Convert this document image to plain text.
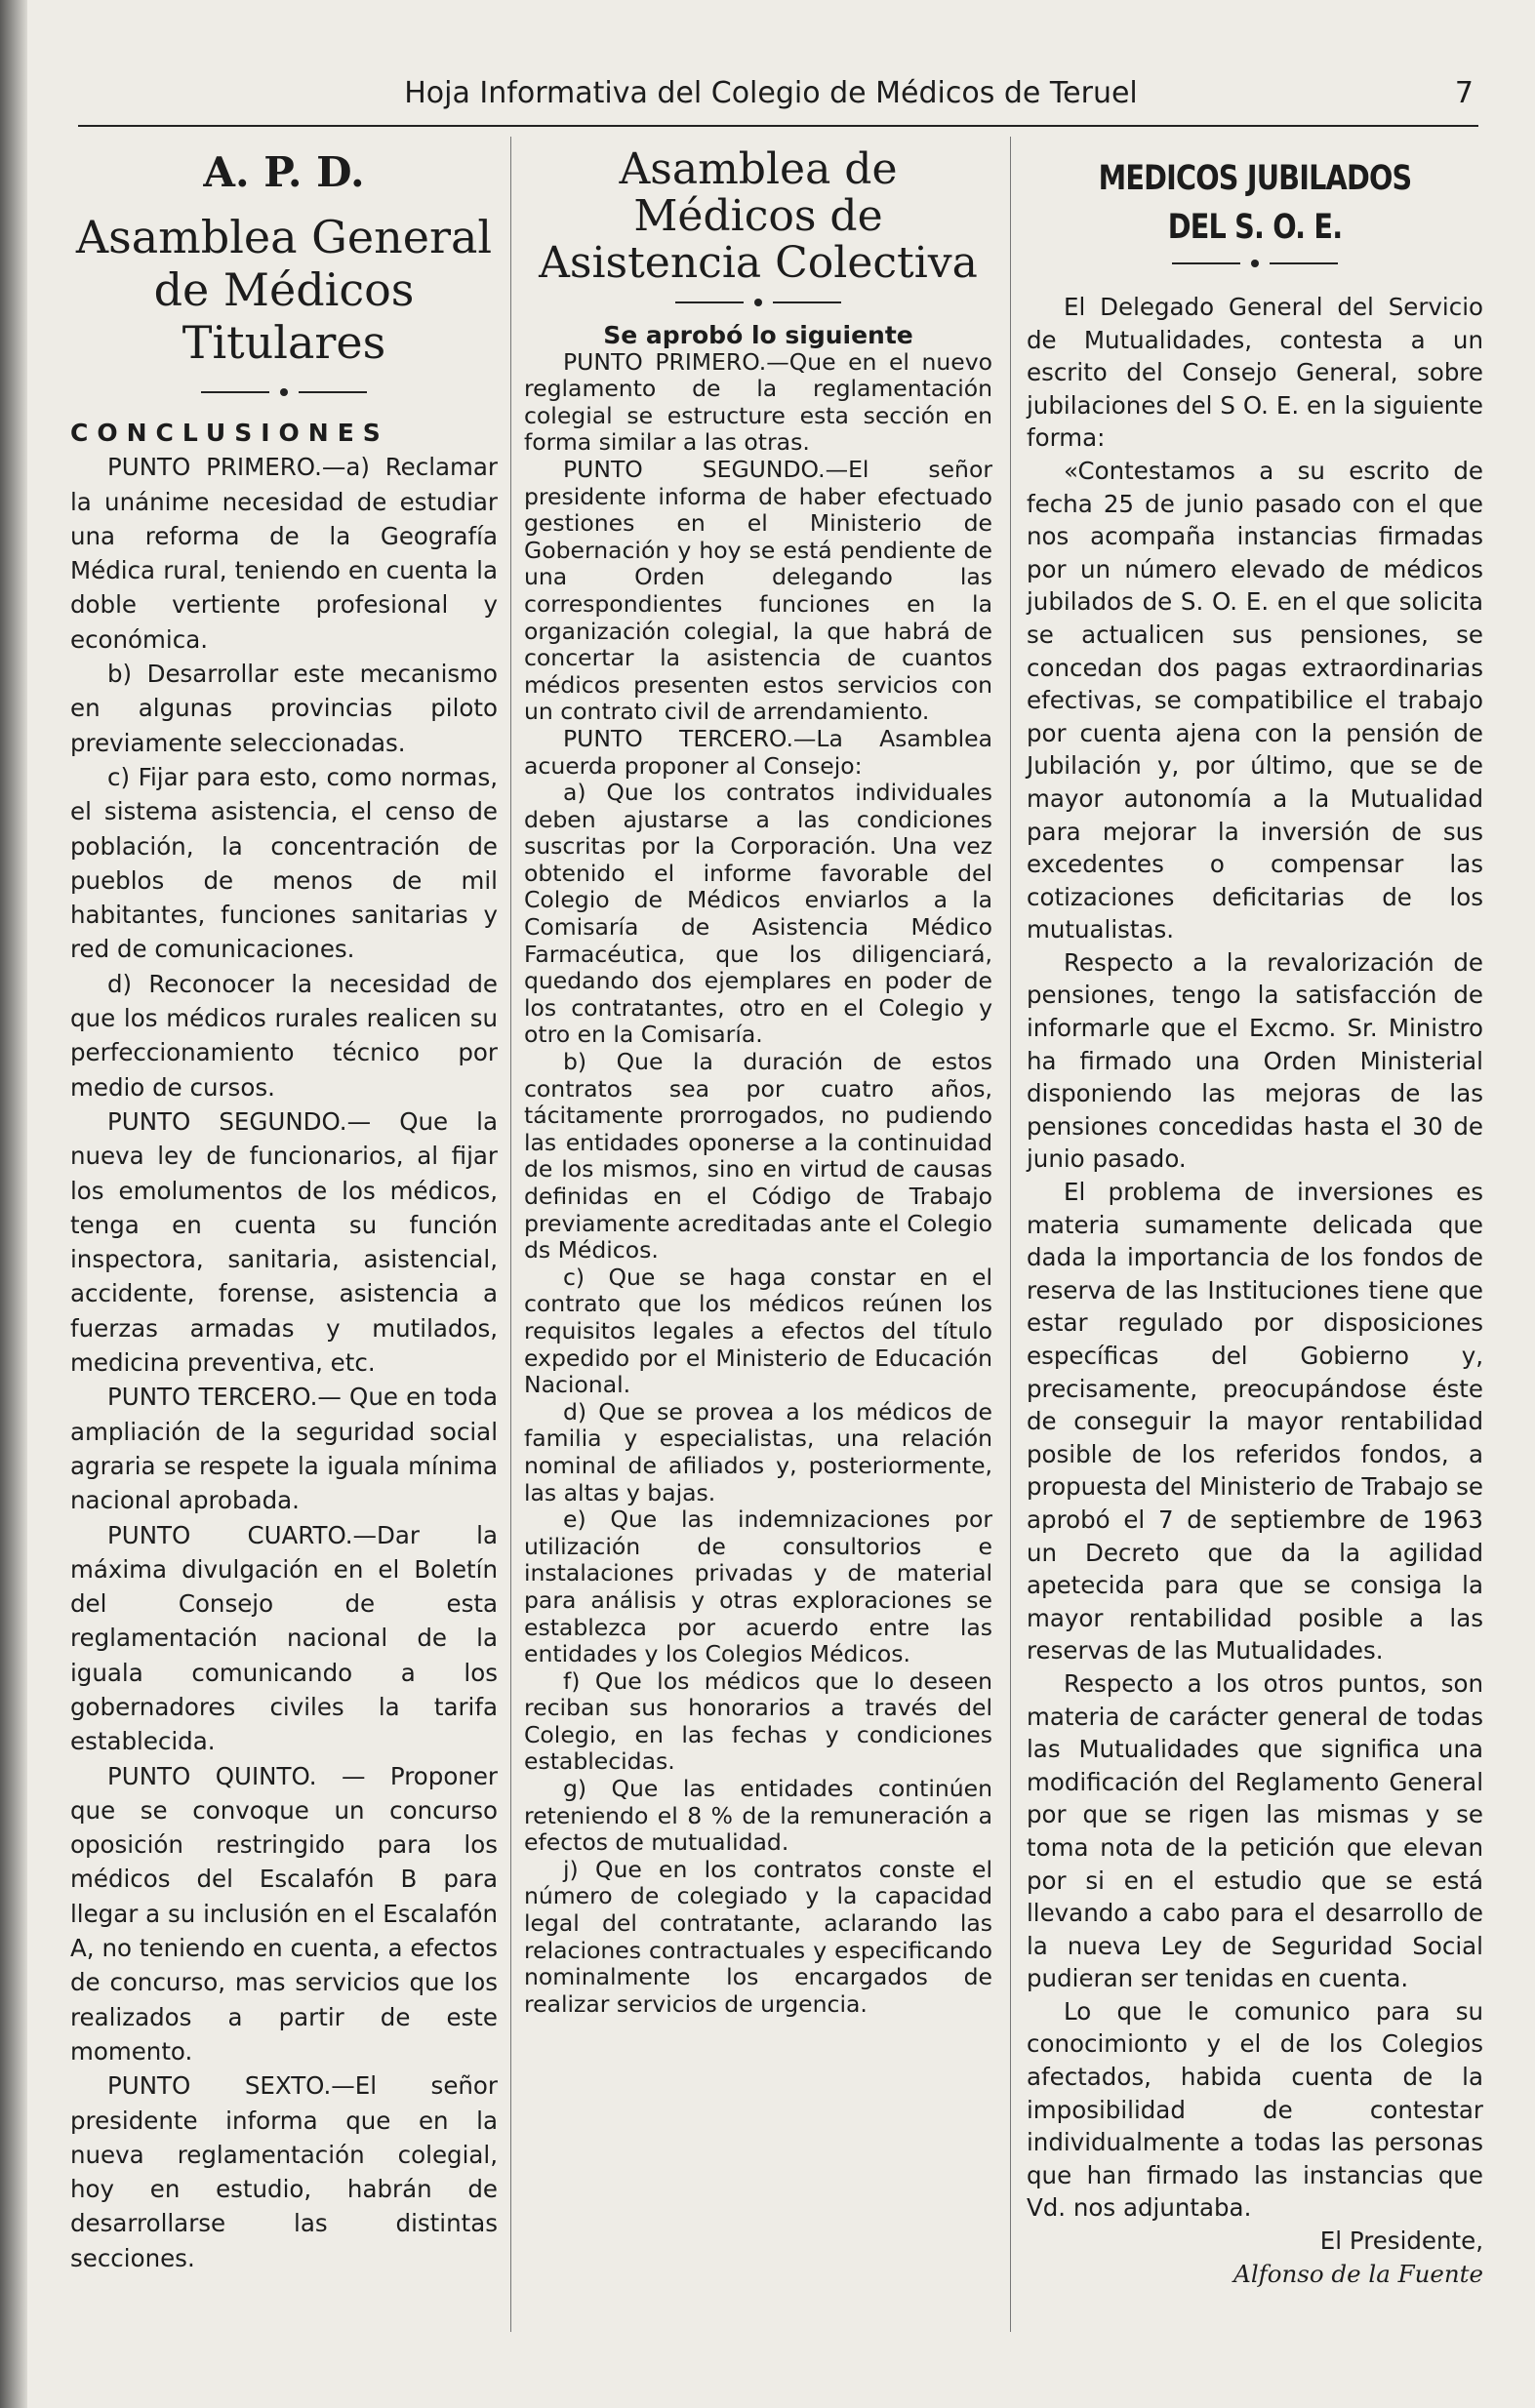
Hoja Informativa del Colegio de Médicos de Teruel	7
A. P. D.
Asamblea General de Médicos Titulares

CONCLUSIONES

PUNTO PRIMERO.—a) Reclamar la unánime necesidad de estudiar una reforma de la Geografía Médica rural, teniendo en cuenta la doble vertiente profesional y económica.

b) Desarrollar este mecanismo en algunas provincias piloto previamente seleccionadas.

c) Fijar para esto, como normas, el sistema asistencia, el censo de población, la concentración de pueblos de menos de mil habitantes, funciones sanitarias y red de comunicaciones.

d) Reconocer la necesidad de que los médicos rurales realicen su perfeccionamiento técnico por medio de cursos.

PUNTO SEGUNDO.— Que la nueva ley de funcionarios, al fijar los emolumentos de los médicos, tenga en cuenta su función inspectora, sanitaria, asistencial, accidente, forense, asistencia a fuerzas armadas y mutilados, medicina preventiva, etc.

PUNTO TERCERO.— Que en toda ampliación de la seguridad social agraria se respete la iguala mínima nacional aprobada.

PUNTO CUARTO.—Dar la máxima divulgación en el Boletín del Consejo de esta reglamentación nacional de la iguala comunicando a los gobernadores civiles la tarifa establecida.

PUNTO QUINTO. — Proponer que se convoque un concurso oposición restringido para los médicos del Escalafón B para llegar a su inclusión en el Escalafón A, no teniendo en cuenta, a efectos de concurso, mas servicios que los realizados a partir de este momento.

PUNTO SEXTO.—El señor presidente informa que en la nueva reglamentación colegial, hoy en estudio, habrán de desarrollarse las distintas secciones.

Asamblea de Médicos de Asistencia Colectiva

Se aprobó lo siguiente

PUNTO PRIMERO.—Que en el nuevo reglamento de la reglamentación colegial se estructure esta sección en forma similar a las otras.

PUNTO SEGUNDO.—El señor presidente informa de haber efectuado gestiones en el Ministerio de Gobernación y hoy se está pendiente de una Orden delegando las correspondientes funciones en la organización colegial, la que habrá de concertar la asistencia de cuantos médicos presenten estos servicios con un contrato civil de arrendamiento.

PUNTO TERCERO.—La Asamblea acuerda proponer al Consejo:

a) Que los contratos individuales deben ajustarse a las condiciones suscritas por la Corporación. Una vez obtenido el informe favorable del Colegio de Médicos enviarlos a la Comisaría de Asistencia Médico Farmacéutica, que los diligenciará, quedando dos ejemplares en poder de los contratantes, otro en el Colegio y otro en la Comisaría.

b) Que la duración de estos contratos sea por cuatro años, tácitamente prorrogados, no pudiendo las entidades oponerse a la continuidad de los mismos, sino en virtud de causas definidas en el Código de Trabajo previamente acreditadas ante el Colegio ds Médicos.

c) Que se haga constar en el contrato que los médicos reúnen los requisitos legales a efectos del título expedido por el Ministerio de Educación Nacional.

d) Que se provea a los médicos de familia y especialistas, una relación nominal de afiliados y, posteriormente, las altas y bajas.

e) Que las indemnizaciones por utilización de consultorios e instalaciones privadas y de material para análisis y otras exploraciones se establezca por acuerdo entre las entidades y los Colegios Médicos.

f) Que los médicos que lo deseen reciban sus honorarios a través del Colegio, en las fechas y condiciones establecidas.

g) Que las entidades continúen reteniendo el 8 % de la remuneración a efectos de mutualidad.

j) Que en los contratos conste el número de colegiado y la capacidad legal del contratante, aclarando las relaciones contractuales y especificando nominalmente los encargados de realizar servicios de urgencia.

MEDICOS JUBILADOS DEL S. O. E.

El Delegado General del Servicio de Mutualidades, contesta a un escrito del Consejo General, sobre jubilaciones del S O. E. en la siguiente forma:

«Contestamos a su escrito de fecha 25 de junio pasado con el que nos acompaña instancias firmadas por un número elevado de médicos jubilados de S. O. E. en el que solicita se actualicen sus pensiones, se concedan dos pagas extraordinarias efectivas, se compatibilice el trabajo por cuenta ajena con la pensión de Jubilación y, por último, que se de mayor autonomía a la Mutualidad para mejorar la inversión de sus excedentes o compensar las cotizaciones deficitarias de los mutualistas.

Respecto a la revalorización de pensiones, tengo la satisfacción de informarle que el Excmo. Sr. Ministro ha firmado una Orden Ministerial disponiendo las mejoras de las pensiones concedidas hasta el 30 de junio pasado.

El problema de inversiones es materia sumamente delicada que dada la importancia de los fondos de reserva de las Instituciones tiene que estar regulado por disposiciones específicas del Gobierno y, precisamente, preocupándose éste de conseguir la mayor rentabilidad posible de los referidos fondos, a propuesta del Ministerio de Trabajo se aprobó el 7 de septiembre de 1963 un Decreto que da la agilidad apetecida para que se consiga la mayor rentabilidad posible a las reservas de las Mutualidades.

Respecto a los otros puntos, son materia de carácter general de todas las Mutualidades que significa una modificación del Reglamento General por que se rigen las mismas y se toma nota de la petición que elevan por si en el estudio que se está llevando a cabo para el desarrollo de la nueva Ley de Seguridad Social pudieran ser tenidas en cuenta.

Lo que le comunico para su conocimionto y el de los Colegios afectados, habida cuenta de la imposibilidad de contestar individualmente a todas las personas que han firmado las instancias que Vd. nos adjuntaba.

El Presidente,

Alfonso de la Fuente
